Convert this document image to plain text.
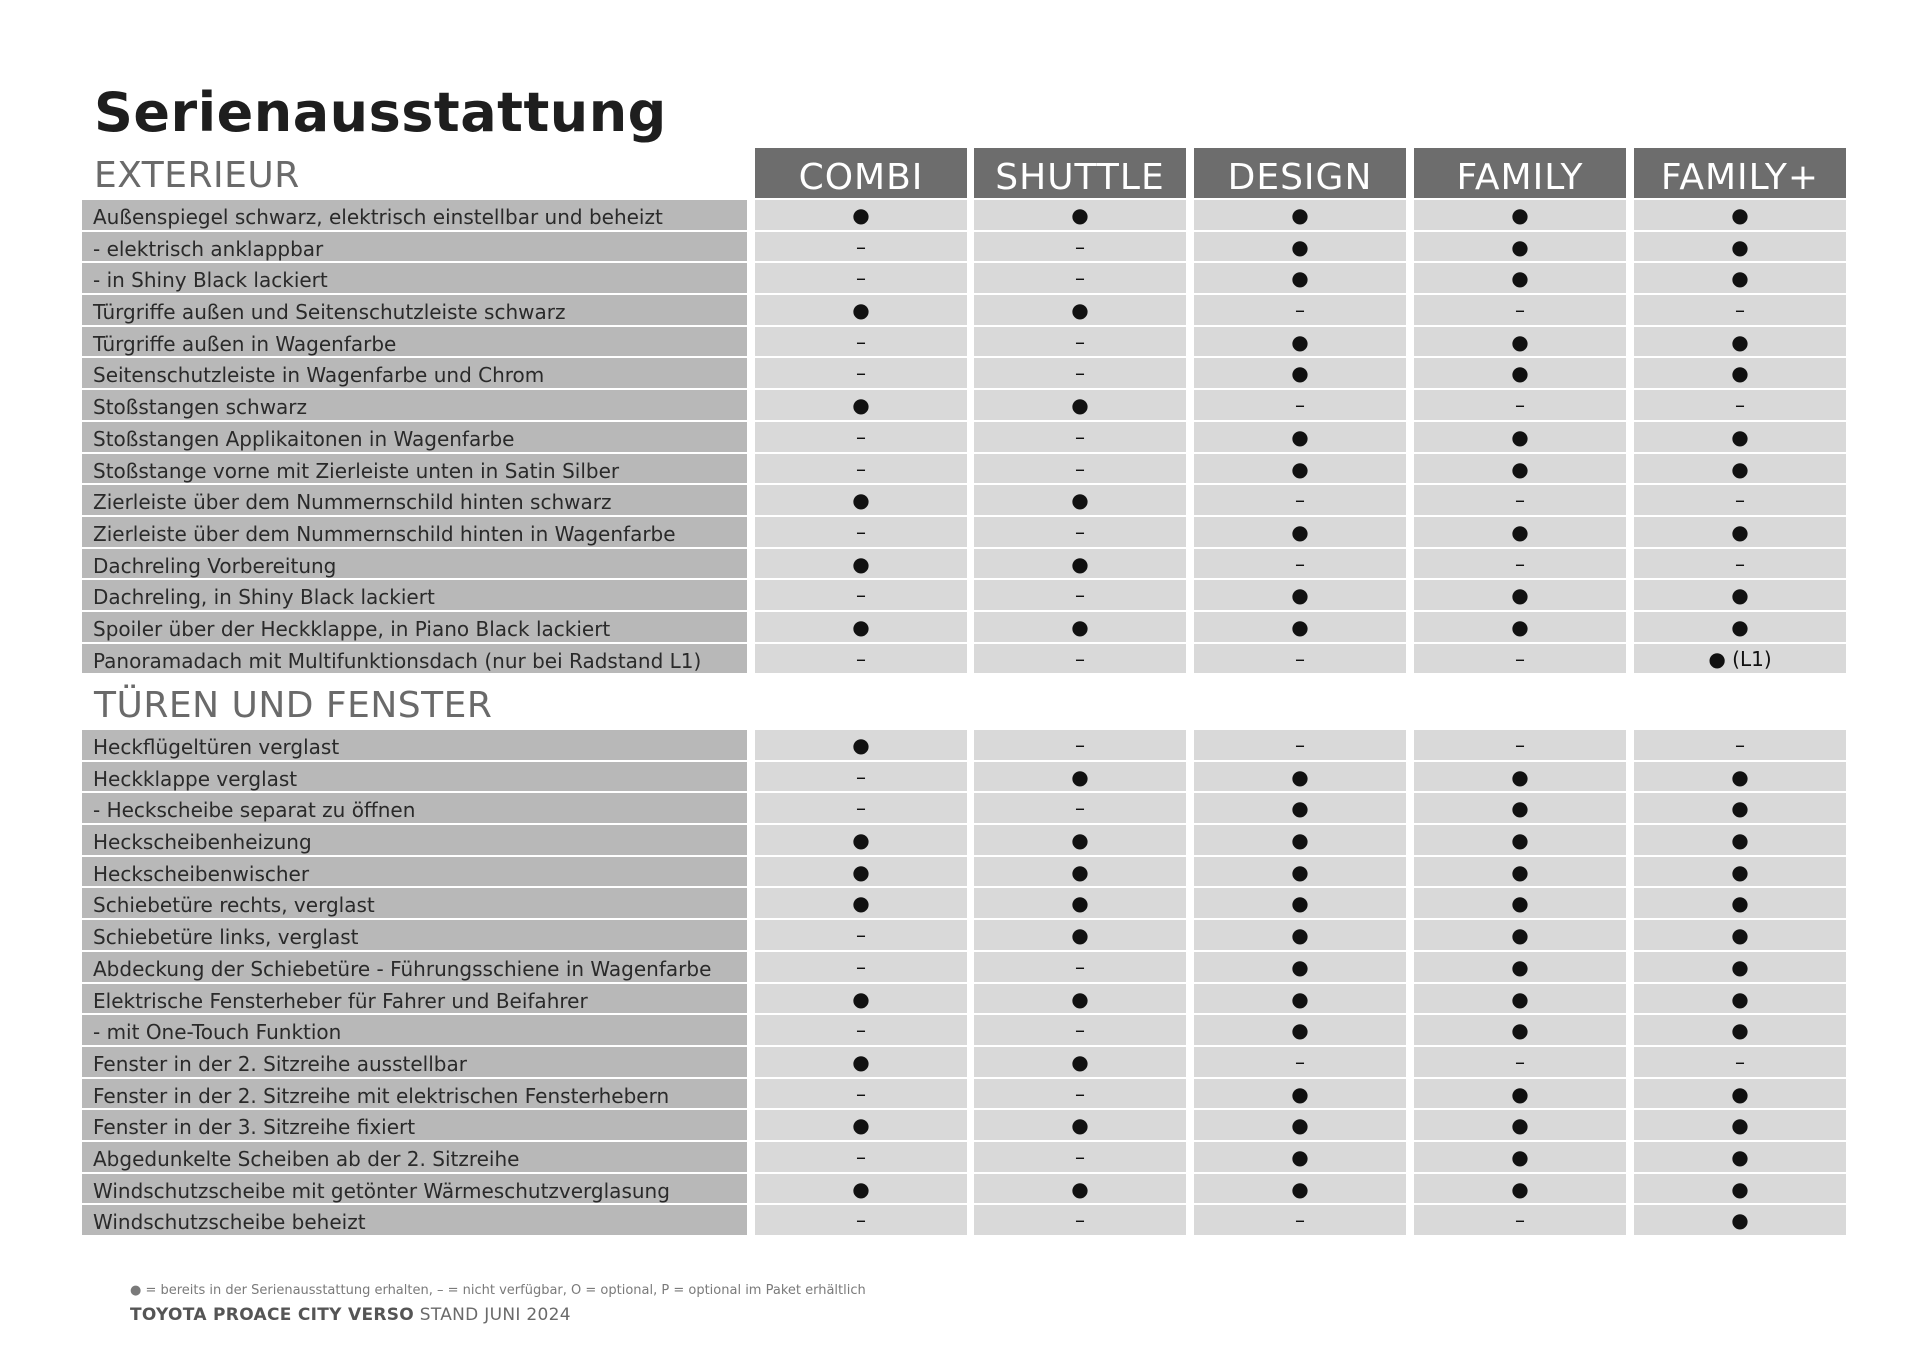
Serienausstattung
EXTERIEUR	COMBI	SHUTTLE	DESIGN	FAMILY	FAMILY+
Außenspiegel schwarz, elektrisch einstellbar und beheizt	●	●	●	●	●
- elektrisch anklappbar	–	–	●	●	●
- in Shiny Black lackiert	–	–	●	●	●
Türgriffe außen und Seitenschutzleiste schwarz	●	●	–	–	–
Türgriffe außen in Wagenfarbe	–	–	●	●	●
Seitenschutzleiste in Wagenfarbe und Chrom	–	–	●	●	●
Stoßstangen schwarz	●	●	–	–	–
Stoßstangen Applikaitonen in Wagenfarbe	–	–	●	●	●
Stoßstange vorne mit Zierleiste unten in Satin Silber	–	–	●	●	●
Zierleiste über dem Nummernschild hinten schwarz	●	●	–	–	–
Zierleiste über dem Nummernschild hinten in Wagenfarbe	–	–	●	●	●
Dachreling Vorbereitung	●	●	–	–	–
Dachreling, in Shiny Black lackiert	–	–	●	●	●
Spoiler über der Heckklappe, in Piano Black lackiert	●	●	●	●	●
Panoramadach mit Multifunktionsdach (nur bei Radstand L1)	–	–	–	–	● (L1)
TÜREN UND FENSTER
Heckflügeltüren verglast	●	–	–	–	–
Heckklappe verglast	–	●	●	●	●
- Heckscheibe separat zu öffnen	–	–	●	●	●
Heckscheibenheizung	●	●	●	●	●
Heckscheibenwischer	●	●	●	●	●
Schiebetüre rechts, verglast	●	●	●	●	●
Schiebetüre links, verglast	–	●	●	●	●
Abdeckung der Schiebetüre - Führungsschiene in Wagenfarbe	–	–	●	●	●
Elektrische Fensterheber für Fahrer und Beifahrer	●	●	●	●	●
- mit One-Touch Funktion	–	–	●	●	●
Fenster in der 2. Sitzreihe ausstellbar	●	●	–	–	–
Fenster in der 2. Sitzreihe mit elektrischen Fensterhebern	–	–	●	●	●
Fenster in der 3. Sitzreihe fixiert	●	●	●	●	●
Abgedunkelte Scheiben ab der 2. Sitzreihe	–	–	●	●	●
Windschutzscheibe mit getönter Wärmeschutzverglasung	●	●	●	●	●
Windschutzscheibe beheizt	–	–	–	–	●
● = bereits in der Serienausstattung erhalten, – = nicht verfügbar, O = optional, P = optional im Paket erhältlich
TOYOTA PROACE CITY VERSO STAND JUNI 2024
